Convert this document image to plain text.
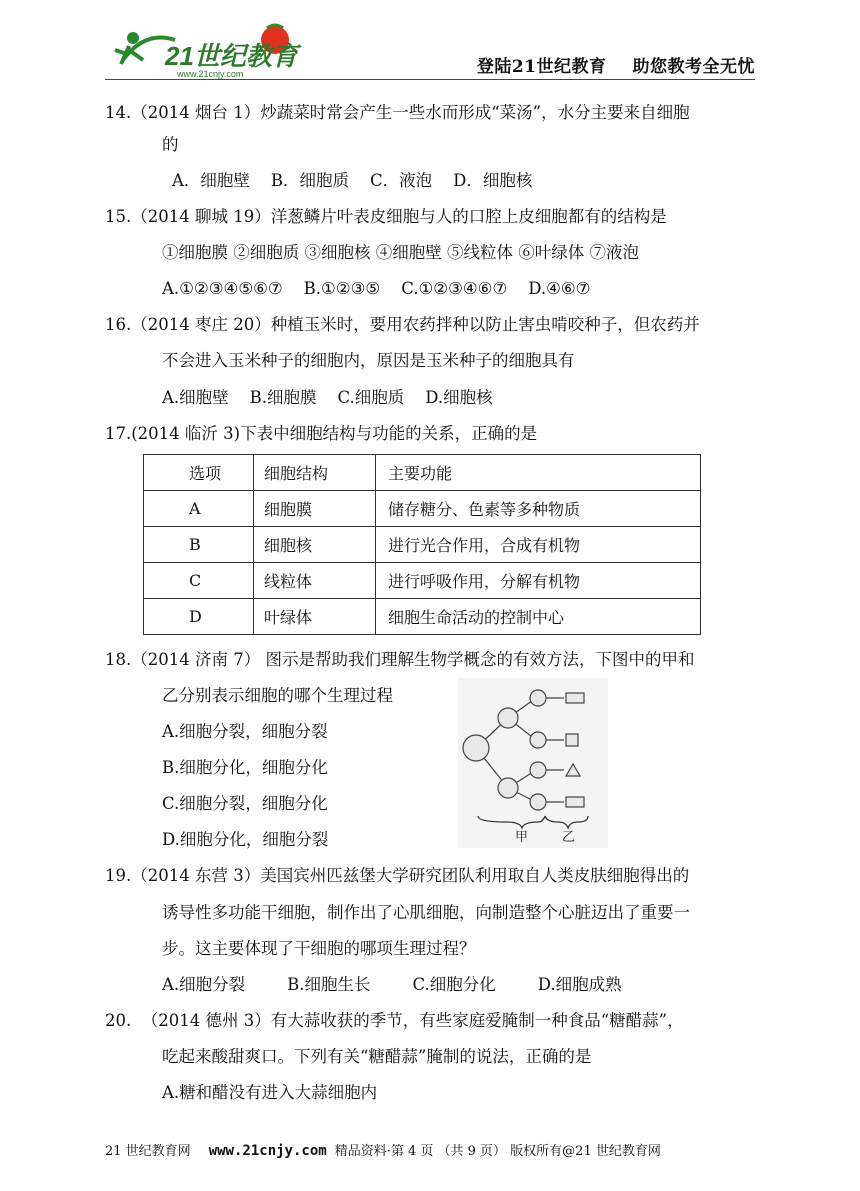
21世纪教育
www.21cnjy.com	登陆21世纪教育 助您教考全无忧
14.（2014 烟台 1）炒蔬菜时常会产生一些水而形成“菜汤”，水分主要来自细胞
的
A．细胞壁    B．细胞质    C．液泡    D．细胞核
15.（2014 聊城 19）洋葱鳞片叶表皮细胞与人的口腔上皮细胞都有的结构是
①细胞膜 ②细胞质 ③细胞核 ④细胞壁 ⑤线粒体 ⑥叶绿体 ⑦液泡
A.①②③④⑤⑥⑦    B.①②③⑤    C.①②③④⑥⑦    D.④⑥⑦
16.（2014 枣庄 20）种植玉米时，要用农药拌种以防止害虫啃咬种子，但农药并
不会进入玉米种子的细胞内，原因是玉米种子的细胞具有
A.细胞壁    B.细胞膜    C.细胞质    D.细胞核
17.(2014 临沂 3)下表中细胞结构与功能的关系，正确的是
选项	细胞结构	主要功能
A	细胞膜	储存糖分、色素等多种物质
B	细胞核	进行光合作用，合成有机物
C	线粒体	进行呼吸作用，分解有机物
D	叶绿体	细胞生命活动的控制中心
18.（2014 济南 7） 图示是帮助我们理解生物学概念的有效方法，下图中的甲和
乙分别表示细胞的哪个生理过程
A.细胞分裂，细胞分裂
B.细胞分化，细胞分化
C.细胞分裂，细胞分化
D.细胞分化，细胞分裂	甲	乙
19.（2014 东营 3）美国宾州匹兹堡大学研究团队利用取自人类皮肤细胞得出的
诱导性多功能干细胞，制作出了心肌细胞，向制造整个心脏迈出了重要一
步。这主要体现了干细胞的哪项生理过程？
A.细胞分裂        B.细胞生长        C.细胞分化        D.细胞成熟
20.  （2014 德州 3）有大蒜收获的季节，有些家庭爱腌制一种食品“糖醋蒜”，
吃起来酸甜爽口。下列有关“糖醋蒜”腌制的说法，正确的是
A.糖和醋没有进入大蒜细胞内
21 世纪教育网 www.21cnjy.com 精品资料·第 4 页 （共 9 页） 版权所有@21 世纪教育网
